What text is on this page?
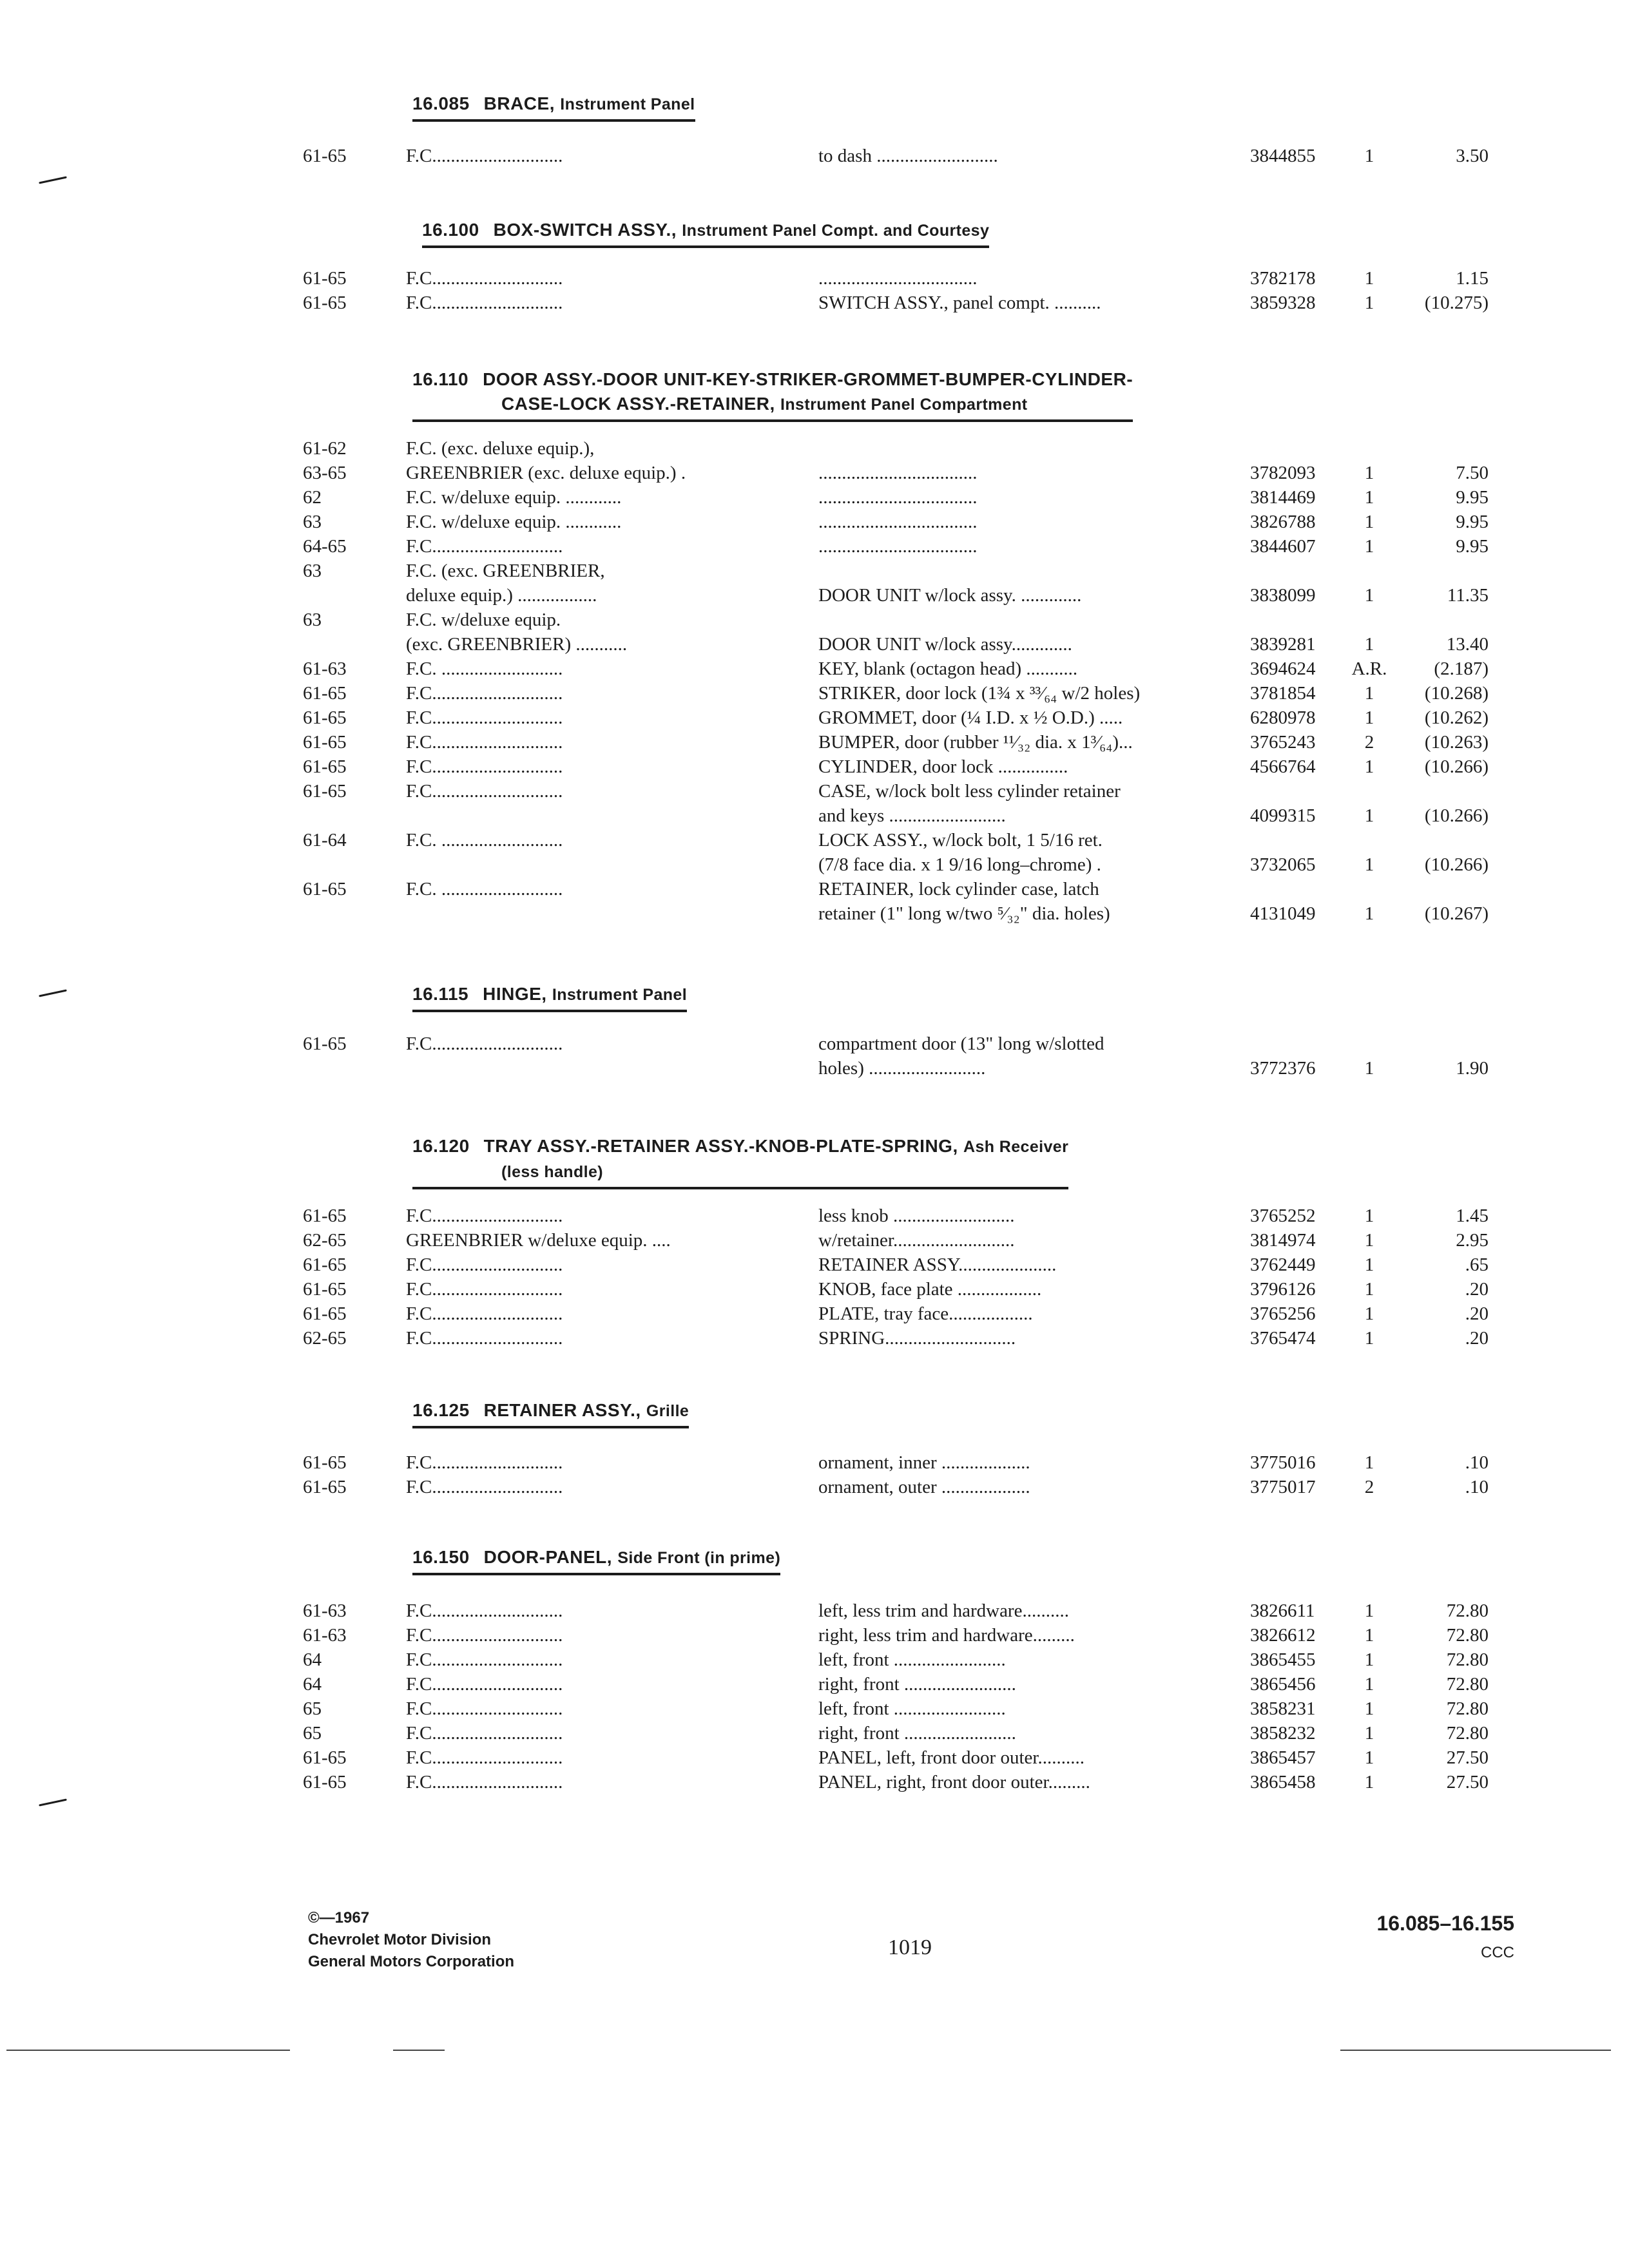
16.085 BRACE, Instrument Panel
61-65	F.C............................	to dash ..........................	3844855	1	3.50
16.100 BOX-SWITCH ASSY., Instrument Panel Compt. and Courtesy
61-65	F.C............................	..................................	3782178	1	1.15
61-65	F.C............................	SWITCH ASSY., panel compt. ..........	3859328	1	(10.275)
16.110 DOOR ASSY.-DOOR UNIT-KEY-STRIKER-GROMMET-BUMPER-CYLINDER-
CASE-LOCK ASSY.-RETAINER, Instrument Panel Compartment
61-62	F.C. (exc. deluxe equip.),
63-65	GREENBRIER (exc. deluxe equip.) .	..................................	3782093	1	7.50
62	F.C. w/deluxe equip. ............	..................................	3814469	1	9.95
63	F.C. w/deluxe equip. ............	..................................	3826788	1	9.95
64-65	F.C............................	..................................	3844607	1	9.95
63	F.C. (exc. GREENBRIER,
deluxe equip.) .................	DOOR UNIT w/lock assy. .............	3838099	1	11.35
63	F.C. w/deluxe equip.
(exc. GREENBRIER) ...........	DOOR UNIT w/lock assy.............	3839281	1	13.40
61-63	F.C. ..........................	KEY, blank (octagon head) ...........	3694624	A.R.	(2.187)
61-65	F.C............................	STRIKER, door lock (1¾ x ³³⁄₆₄ w/2 holes)	3781854	1	(10.268)
61-65	F.C............................	GROMMET, door (¼ I.D. x ½ O.D.) .....	6280978	1	(10.262)
61-65	F.C............................	BUMPER, door (rubber ¹¹⁄₃₂ dia. x 1³⁄₆₄)...	3765243	2	(10.263)
61-65	F.C............................	CYLINDER, door lock ...............	4566764	1	(10.266)
61-65	F.C............................	CASE, w/lock bolt less cylinder retainer
and keys .........................	4099315	1	(10.266)
61-64	F.C. ..........................	LOCK ASSY., w/lock bolt, 1 5/16 ret.
(7/8 face dia. x 1 9/16 long–chrome) .	3732065	1	(10.266)
61-65	F.C. ..........................	RETAINER, lock cylinder case, latch
retainer (1" long w/two ⁵⁄₃₂" dia. holes)	4131049	1	(10.267)
16.115 HINGE, Instrument Panel
61-65	F.C............................	compartment door (13" long w/slotted
holes) .........................	3772376	1	1.90
16.120 TRAY ASSY.-RETAINER ASSY.-KNOB-PLATE-SPRING, Ash Receiver
(less handle)
61-65	F.C............................	less knob ..........................	3765252	1	1.45
62-65	GREENBRIER w/deluxe equip. ....	w/retainer..........................	3814974	1	2.95
61-65	F.C............................	RETAINER ASSY.....................	3762449	1	.65
61-65	F.C............................	KNOB, face plate ..................	3796126	1	.20
61-65	F.C............................	PLATE, tray face..................	3765256	1	.20
62-65	F.C............................	SPRING............................	3765474	1	.20
16.125 RETAINER ASSY., Grille
61-65	F.C............................	ornament, inner ...................	3775016	1	.10
61-65	F.C............................	ornament, outer ...................	3775017	2	.10
16.150 DOOR-PANEL, Side Front (in prime)
61-63	F.C............................	left, less trim and hardware..........	3826611	1	72.80
61-63	F.C............................	right, less trim and hardware.........	3826612	1	72.80
64	F.C............................	left, front ........................	3865455	1	72.80
64	F.C............................	right, front ........................	3865456	1	72.80
65	F.C............................	left, front ........................	3858231	1	72.80
65	F.C............................	right, front ........................	3858232	1	72.80
61-65	F.C............................	PANEL, left, front door outer..........	3865457	1	27.50
61-65	F.C............................	PANEL, right, front door outer.........	3865458	1	27.50
©—1967
Chevrolet Motor Division
General Motors Corporation
1019
16.085–16.155
CCC
